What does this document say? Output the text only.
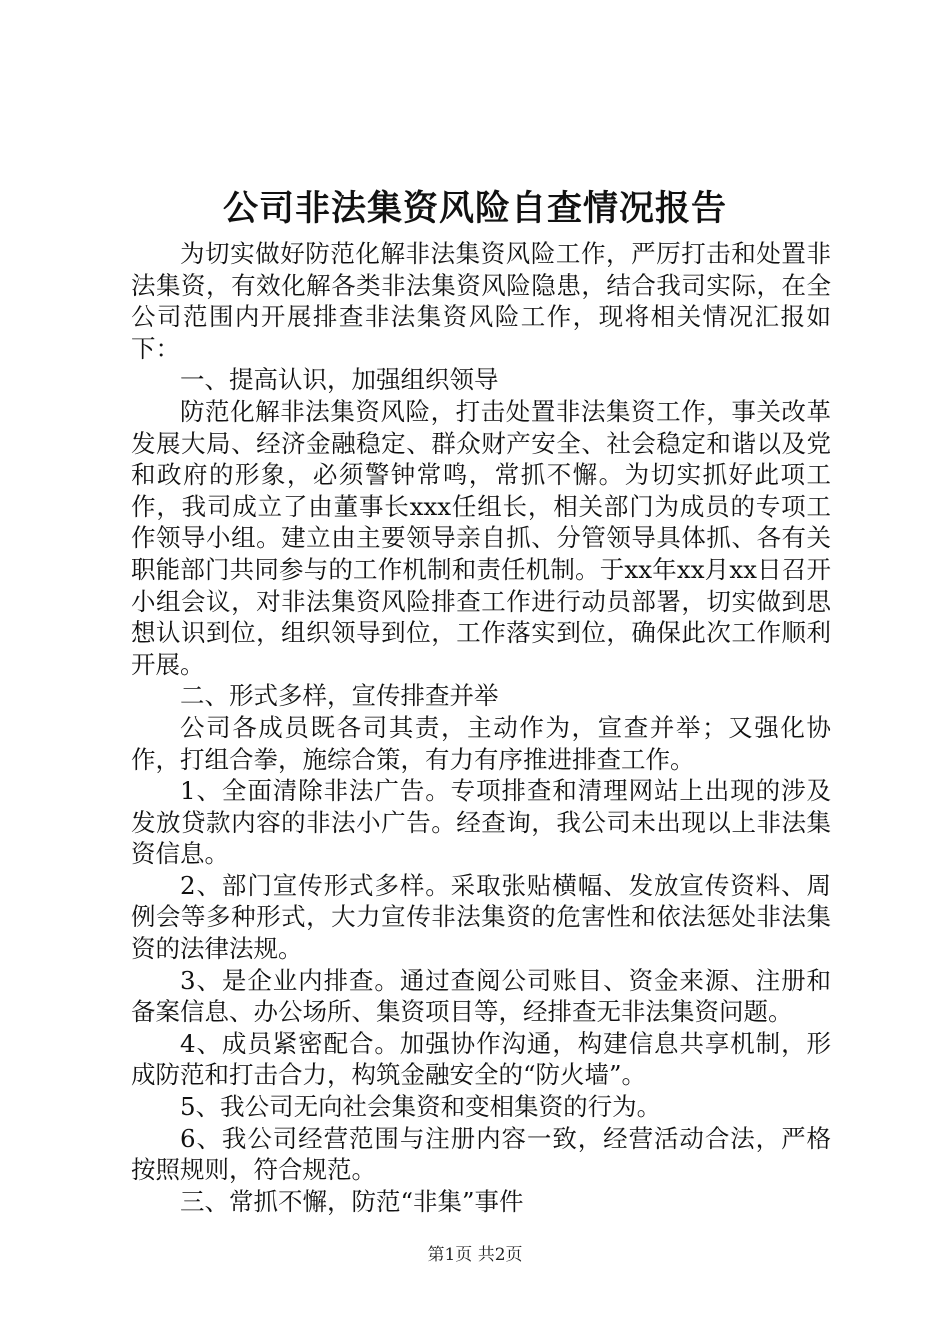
公司非法集资风险自查情况报告

为切实做好防范化解非法集资风险工作，严厉打击和处置非法集资，有效化解各类非法集资风险隐患，结合我司实际，在全公司范围内开展排查非法集资风险工作，现将相关情况汇报如下：

一、提高认识，加强组织领导

防范化解非法集资风险，打击处置非法集资工作，事关改革发展大局、经济金融稳定、群众财产安全、社会稳定和谐以及党和政府的形象，必须警钟常鸣，常抓不懈。为切实抓好此项工作，我司成立了由董事长xxx任组长，相关部门为成员的专项工作领导小组。建立由主要领导亲自抓、分管领导具体抓、各有关职能部门共同参与的工作机制和责任机制。于xx年xx月xx日召开小组会议，对非法集资风险排查工作进行动员部署，切实做到思想认识到位，组织领导到位，工作落实到位，确保此次工作顺利开展。

二、形式多样，宣传排查并举

公司各成员既各司其责，主动作为，宣查并举；又强化协作，打组合拳，施综合策，有力有序推进排查工作。

1、全面清除非法广告。专项排查和清理网站上出现的涉及发放贷款内容的非法小广告。经查询，我公司未出现以上非法集资信息。

2、部门宣传形式多样。采取张贴横幅、发放宣传资料、周例会等多种形式，大力宣传非法集资的危害性和依法惩处非法集资的法律法规。

3、是企业内排查。通过查阅公司账目、资金来源、注册和备案信息、办公场所、集资项目等，经排查无非法集资问题。

4、成员紧密配合。加强协作沟通，构建信息共享机制，形成防范和打击合力，构筑金融安全的“防火墙”。

5、我公司无向社会集资和变相集资的行为。

6、我公司经营范围与注册内容一致，经营活动合法，严格按照规则，符合规范。

三、常抓不懈，防范“非集”事件

第1页 共2页
